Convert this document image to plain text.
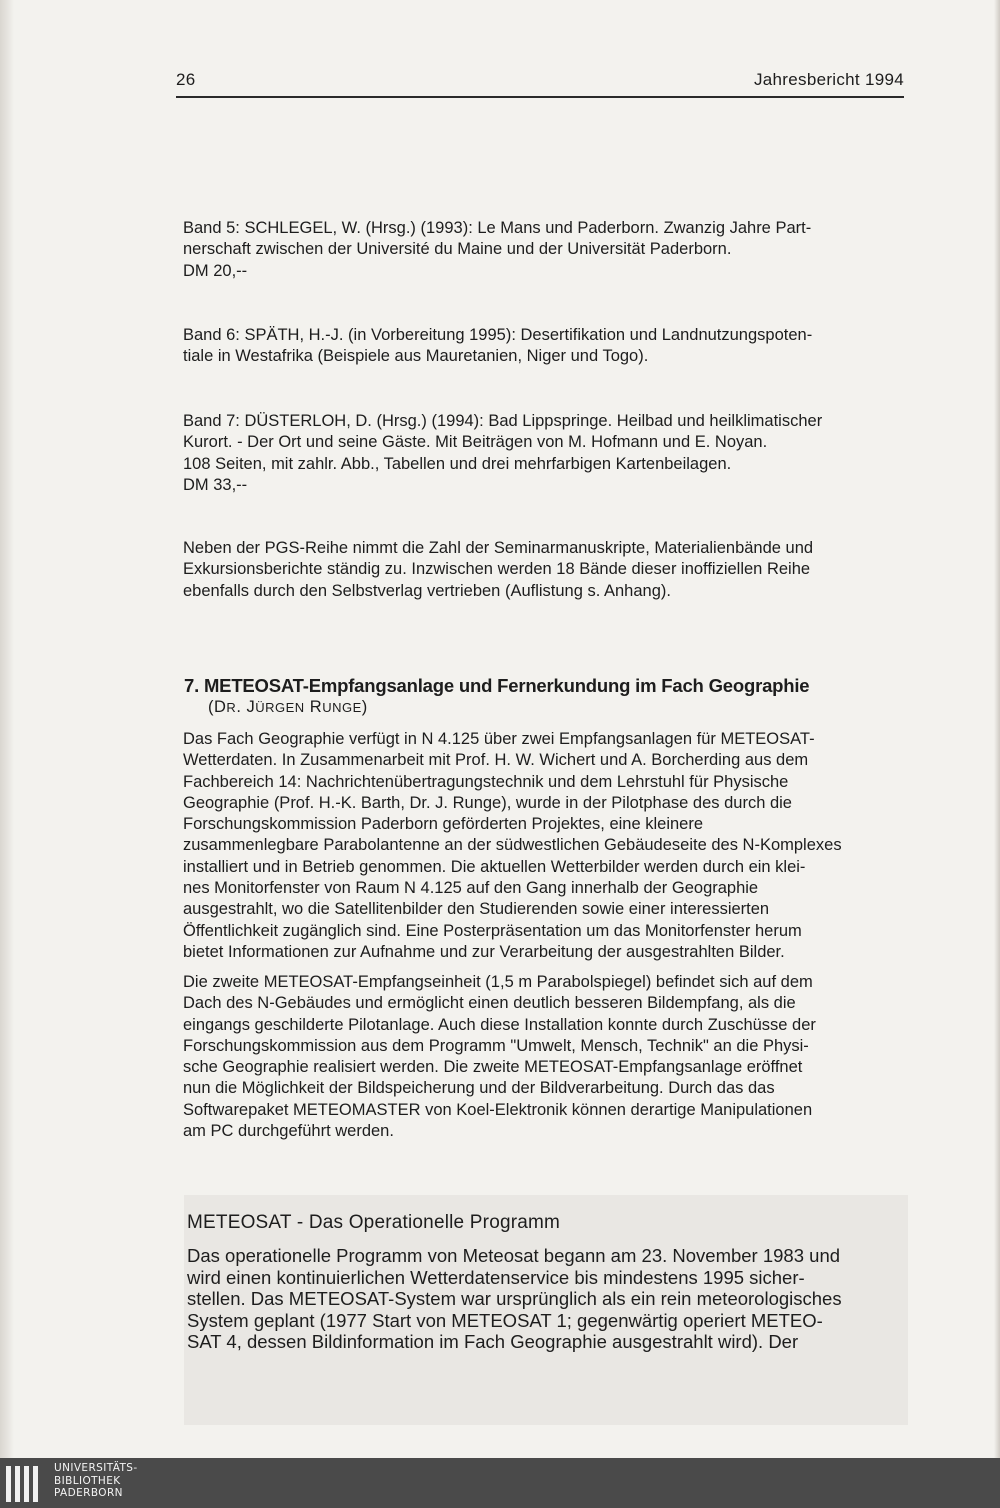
26	Jahresbericht 1994

Band 5: SCHLEGEL, W. (Hrsg.) (1993): Le Mans und Paderborn. Zwanzig Jahre Part-
nerschaft zwischen der Université du Maine und der Universität Paderborn.
DM 20,--

Band 6: SPÄTH, H.-J. (in Vorbereitung 1995): Desertifikation und Landnutzungspoten-
tiale in Westafrika (Beispiele aus Mauretanien, Niger und Togo).

Band 7: DÜSTERLOH, D. (Hrsg.) (1994): Bad Lippspringe. Heilbad und heilklimatischer
Kurort. - Der Ort und seine Gäste. Mit Beiträgen von M. Hofmann und E. Noyan.
108 Seiten, mit zahlr. Abb., Tabellen und drei mehrfarbigen Kartenbeilagen.
DM 33,--

Neben der PGS-Reihe nimmt die Zahl der Seminarmanuskripte, Materialienbände und
Exkursionsberichte ständig zu. Inzwischen werden 18 Bände dieser inoffiziellen Reihe
ebenfalls durch den Selbstverlag vertrieben (Auflistung s. Anhang).

7. METEOSAT-Empfangsanlage und Fernerkundung im Fach Geographie
(DR. JÜRGEN RUNGE)

Das Fach Geographie verfügt in N 4.125 über zwei Empfangsanlagen für METEOSAT-
Wetterdaten. In Zusammenarbeit mit Prof. H. W. Wichert und A. Borcherding aus dem
Fachbereich 14: Nachrichtenübertragungstechnik und dem Lehrstuhl für Physische
Geographie (Prof. H.-K. Barth, Dr. J. Runge), wurde in der Pilotphase des durch die
Forschungskommission Paderborn geförderten Projektes, eine kleinere
zusammenlegbare Parabolantenne an der südwestlichen Gebäudeseite des N-Komplexes
installiert und in Betrieb genommen. Die aktuellen Wetterbilder werden durch ein klei-
nes Monitorfenster von Raum N 4.125 auf den Gang innerhalb der Geographie
ausgestrahlt, wo die Satellitenbilder den Studierenden sowie einer interessierten
Öffentlichkeit zugänglich sind. Eine Posterpräsentation um das Monitorfenster herum
bietet Informationen zur Aufnahme und zur Verarbeitung der ausgestrahlten Bilder.

Die zweite METEOSAT-Empfangseinheit (1,5 m Parabolspiegel) befindet sich auf dem
Dach des N-Gebäudes und ermöglicht einen deutlich besseren Bildempfang, als die
eingangs geschilderte Pilotanlage. Auch diese Installation konnte durch Zuschüsse der
Forschungskommission aus dem Programm "Umwelt, Mensch, Technik" an die Physi-
sche Geographie realisiert werden. Die zweite METEOSAT-Empfangsanlage eröffnet
nun die Möglichkeit der Bildspeicherung und der Bildverarbeitung. Durch das das
Softwarepaket METEOMASTER von Koel-Elektronik können derartige Manipulationen
am PC durchgeführt werden.

METEOSAT - Das Operationelle Programm

Das operationelle Programm von Meteosat begann am 23. November 1983 und
wird einen kontinuierlichen Wetterdatenservice bis mindestens 1995 sicher-
stellen. Das METEOSAT-System war ursprünglich als ein rein meteorologisches
System geplant (1977 Start von METEOSAT 1; gegenwärtig operiert METEO-
SAT 4, dessen Bildinformation im Fach Geographie ausgestrahlt wird). Der

UNIVERSITÄTS-
BIBLIOTHEK
PADERBORN
